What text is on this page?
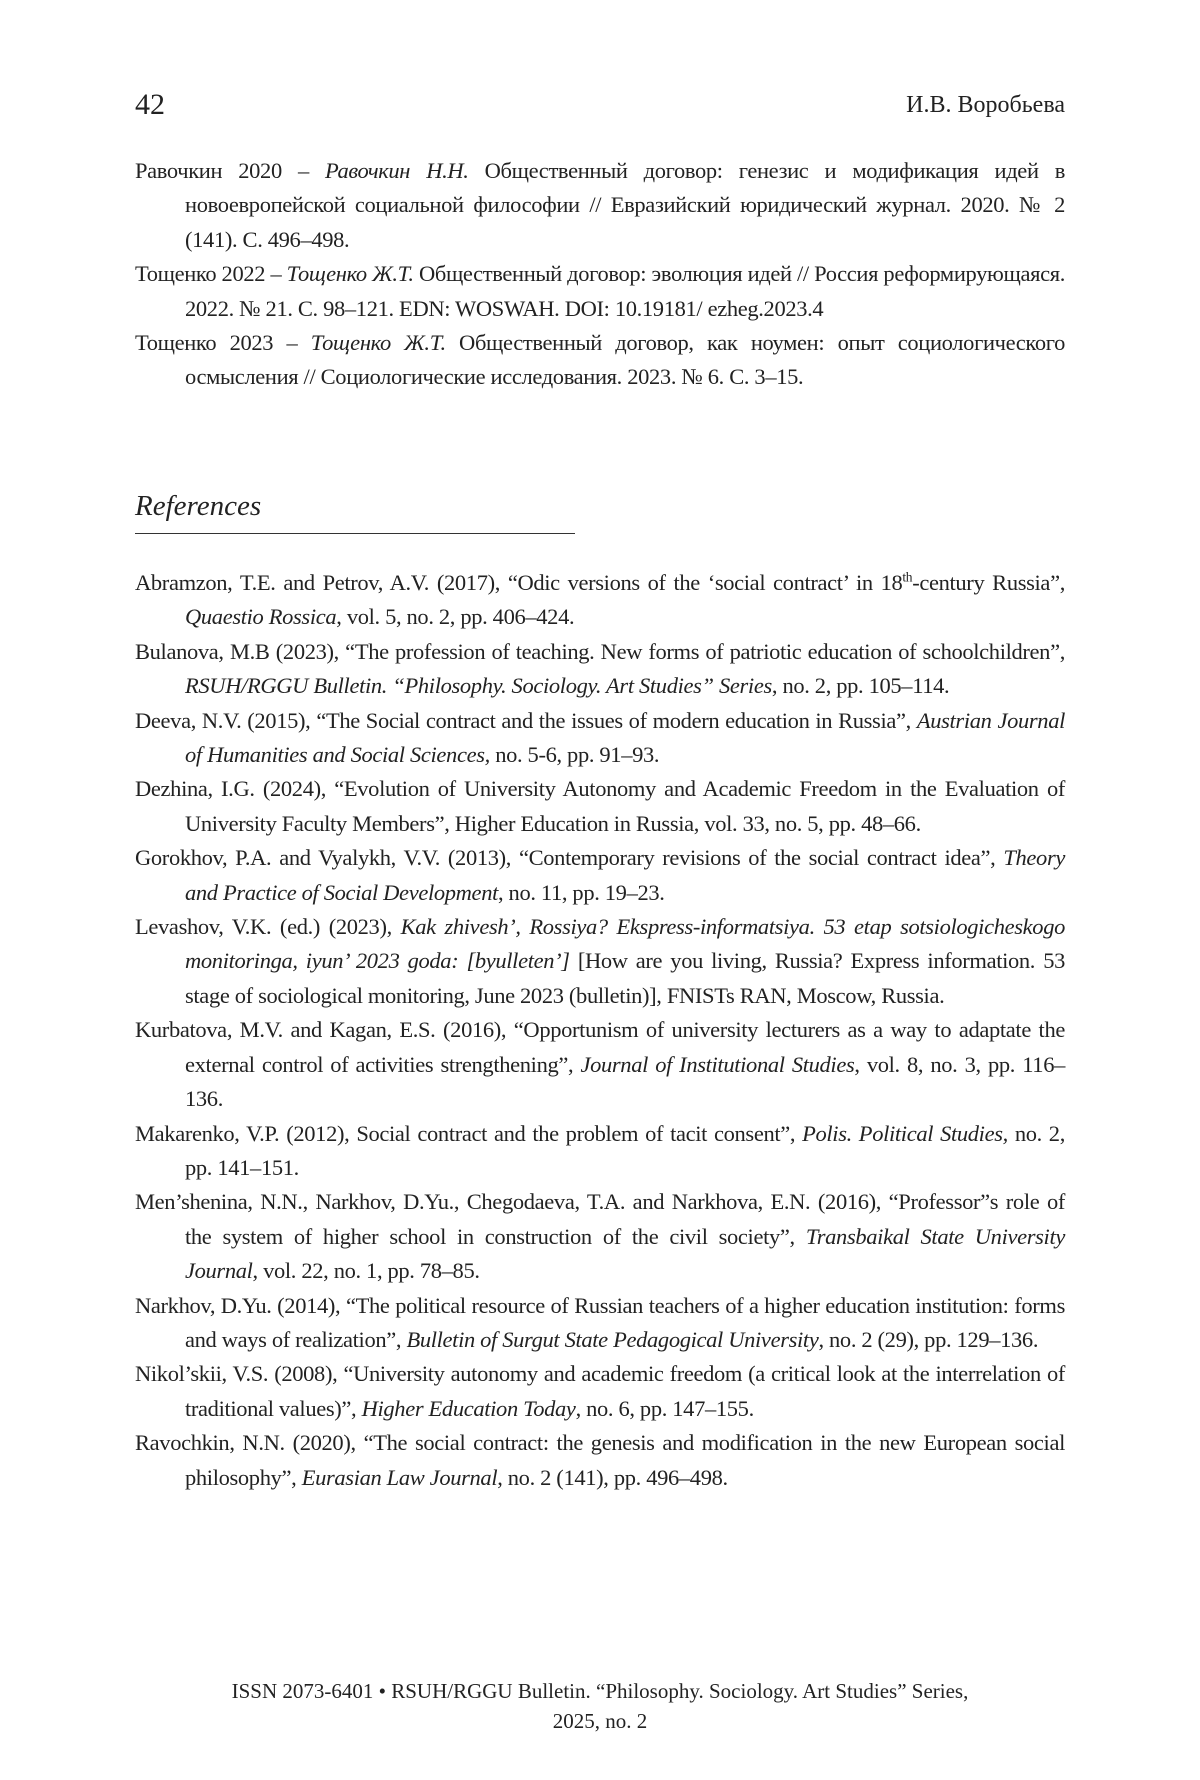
42	И.В. Воробьева
Равочкин 2020 – Равочкин Н.Н. Общественный договор: генезис и модификация идей в новоевропейской социальной философии // Евразийский юридический журнал. 2020. № 2 (141). С. 496–498.
Тощенко 2022 – Тощенко Ж.Т. Общественный договор: эволюция идей // Россия реформирующаяся. 2022. № 21. С. 98–121. EDN: WOSWAH. DOI: 10.19181/ ezheg.2023.4
Тощенко 2023 – Тощенко Ж.Т. Общественный договор, как ноумен: опыт социологического осмысления // Социологические исследования. 2023. № 6. С. 3–15.
References
Abramzon, T.E. and Petrov, A.V. (2017), “Odic versions of the ‘social contract’ in 18th-century Russia”, Quaestio Rossica, vol. 5, no. 2, pp. 406–424.
Bulanova, M.B (2023), “The profession of teaching. New forms of patriotic education of schoolchildren”, RSUH/RGGU Bulletin. “Philosophy. Sociology. Art Studies” Series, no. 2, pp. 105–114.
Deeva, N.V. (2015), “The Social contract and the issues of modern education in Russia”, Austrian Journal of Humanities and Social Sciences, no. 5-6, pp. 91–93.
Dezhina, I.G. (2024), “Evolution of University Autonomy and Academic Freedom in the Evaluation of University Faculty Members”, Higher Education in Russia, vol. 33, no. 5, pp. 48–66.
Gorokhov, P.A. and Vyalykh, V.V. (2013), “Contemporary revisions of the social contract idea”, Theory and Practice of Social Development, no. 11, pp. 19–23.
Levashov, V.K. (ed.) (2023), Kak zhivesh’, Rossiya? Ekspress-informatsiya. 53 etap sotsiologicheskogo monitoringa, iyun’ 2023 goda: [byulleten’] [How are you living, Russia? Express information. 53 stage of sociological monitoring, June 2023 (bulletin)], FNISTs RAN, Moscow, Russia.
Kurbatova, M.V. and Kagan, E.S. (2016), “Opportunism of university lecturers as a way to adaptate the external control of activities strengthening”, Journal of Institutional Studies, vol. 8, no. 3, pp. 116–136.
Makarenko, V.P. (2012), Social contract and the problem of tacit consent”, Polis. Political Studies, no. 2, pp. 141–151.
Men’shenina, N.N., Narkhov, D.Yu., Chegodaeva, T.A. and Narkhova, E.N. (2016), “Professor”s role of the system of higher school in construction of the civil society”, Transbaikal State University Journal, vol. 22, no. 1, pp. 78–85.
Narkhov, D.Yu. (2014), “The political resource of Russian teachers of a higher education institution: forms and ways of realization”, Bulletin of Surgut State Pedagogical University, no. 2 (29), pp. 129–136.
Nikol’skii, V.S. (2008), “University autonomy and academic freedom (a critical look at the interrelation of traditional values)”, Higher Education Today, no. 6, pp. 147–155.
Ravochkin, N.N. (2020), “The social contract: the genesis and modification in the new European social philosophy”, Eurasian Law Journal, no. 2 (141), pp. 496–498.
ISSN 2073-6401 • RSUH/RGGU Bulletin. “Philosophy. Sociology. Art Studies” Series,
2025, no. 2
